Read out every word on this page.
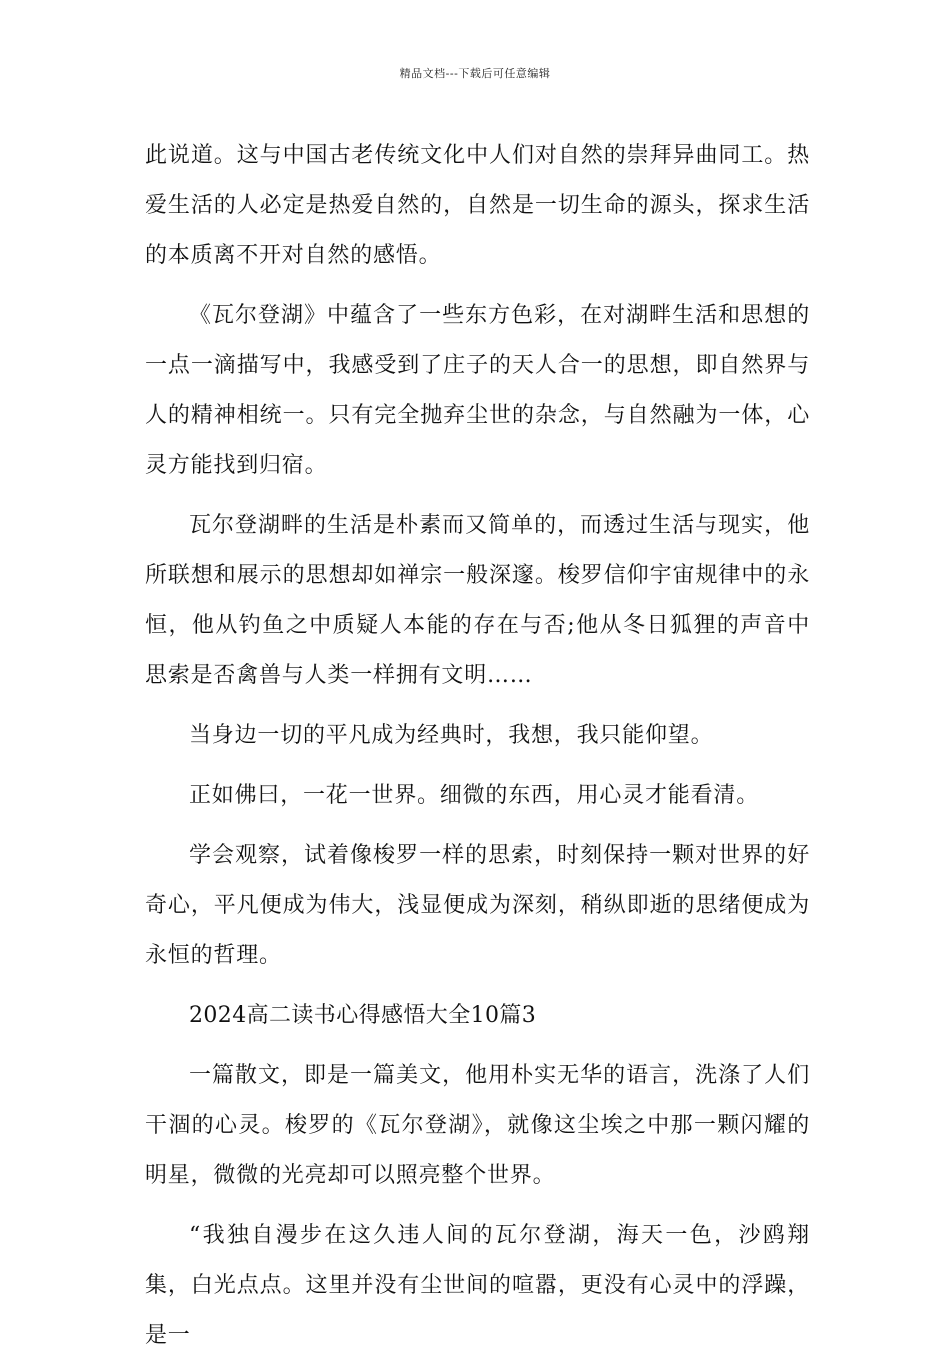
精品文档---下载后可任意编辑

此说道。这与中国古老传统文化中人们对自然的崇拜异曲同工。热爱生活的人必定是热爱自然的，自然是一切生命的源头，探求生活的本质离不开对自然的感悟。

《瓦尔登湖》中蕴含了一些东方色彩，在对湖畔生活和思想的一点一滴描写中，我感受到了庄子的天人合一的思想，即自然界与人的精神相统一。只有完全抛弃尘世的杂念，与自然融为一体，心灵方能找到归宿。

瓦尔登湖畔的生活是朴素而又简单的，而透过生活与现实，他所联想和展示的思想却如禅宗一般深邃。梭罗信仰宇宙规律中的永恒，他从钓鱼之中质疑人本能的存在与否;他从冬日狐狸的声音中思索是否禽兽与人类一样拥有文明……

当身边一切的平凡成为经典时，我想，我只能仰望。

正如佛曰，一花一世界。细微的东西，用心灵才能看清。

学会观察，试着像梭罗一样的思索，时刻保持一颗对世界的好奇心，平凡便成为伟大，浅显便成为深刻，稍纵即逝的思绪便成为永恒的哲理。

2024高二读书心得感悟大全10篇3

一篇散文，即是一篇美文，他用朴实无华的语言，洗涤了人们干涸的心灵。梭罗的《瓦尔登湖》，就像这尘埃之中那一颗闪耀的明星，微微的光亮却可以照亮整个世界。

“我独自漫步在这久违人间的瓦尔登湖，海天一色，沙鸥翔集，白光点点。这里并没有尘世间的喧嚣，更没有心灵中的浮躁，是一
